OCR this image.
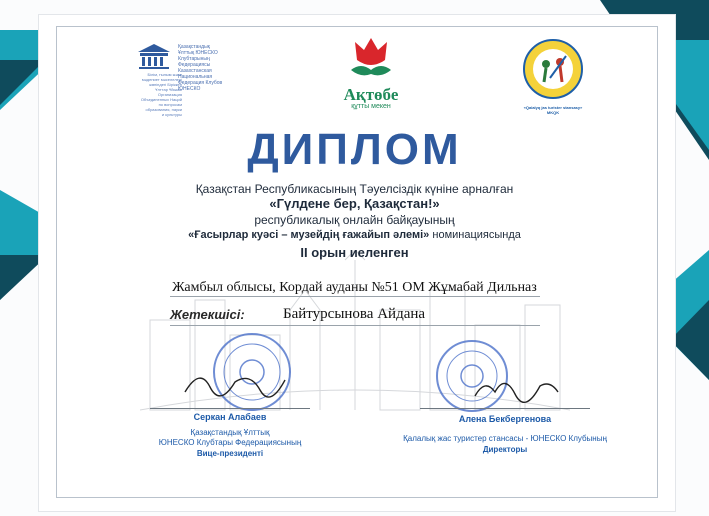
Қазақстандық
Ұлттық ЮНЕСКО
Клубтарының
Федерациясы
Казахстанская
Национальная
Федерация Клубов
ЮНЕСКО
Білім, ғылым және
мәдениет мәселелері
жөніндегі Біріккен
Ұлттар Ұйымы
Организация
Объединенных Наций
по вопросам
образования, науки
и культуры
Ақтөбе
құтты мекен	«Qalalyq jas turister stansasy» MKQK
ДИПЛОМ
Қазақстан Республикасының Тәуелсіздік күніне арналған
«Гүлдене бер, Қазақстан!»
республикалық онлайн байқауының
«Ғасырлар куәсі – музейдің ғажайып әлемі» номинациясында
ІІ орын иеленген
Жамбыл облысы, Кордай ауданы №51 ОМ Жұмабай Дильназ
Жетекшісі:	Байтурсынова Айдана
Серкан Алабаев
Қазақстандық Ұлттық
ЮНЕСКО Клубтары Федерациясының
Вице-президенті
Алена Бекбергенова
Қалалық жас туристер стансасы - ЮНЕСКО Клубының
Директоры
